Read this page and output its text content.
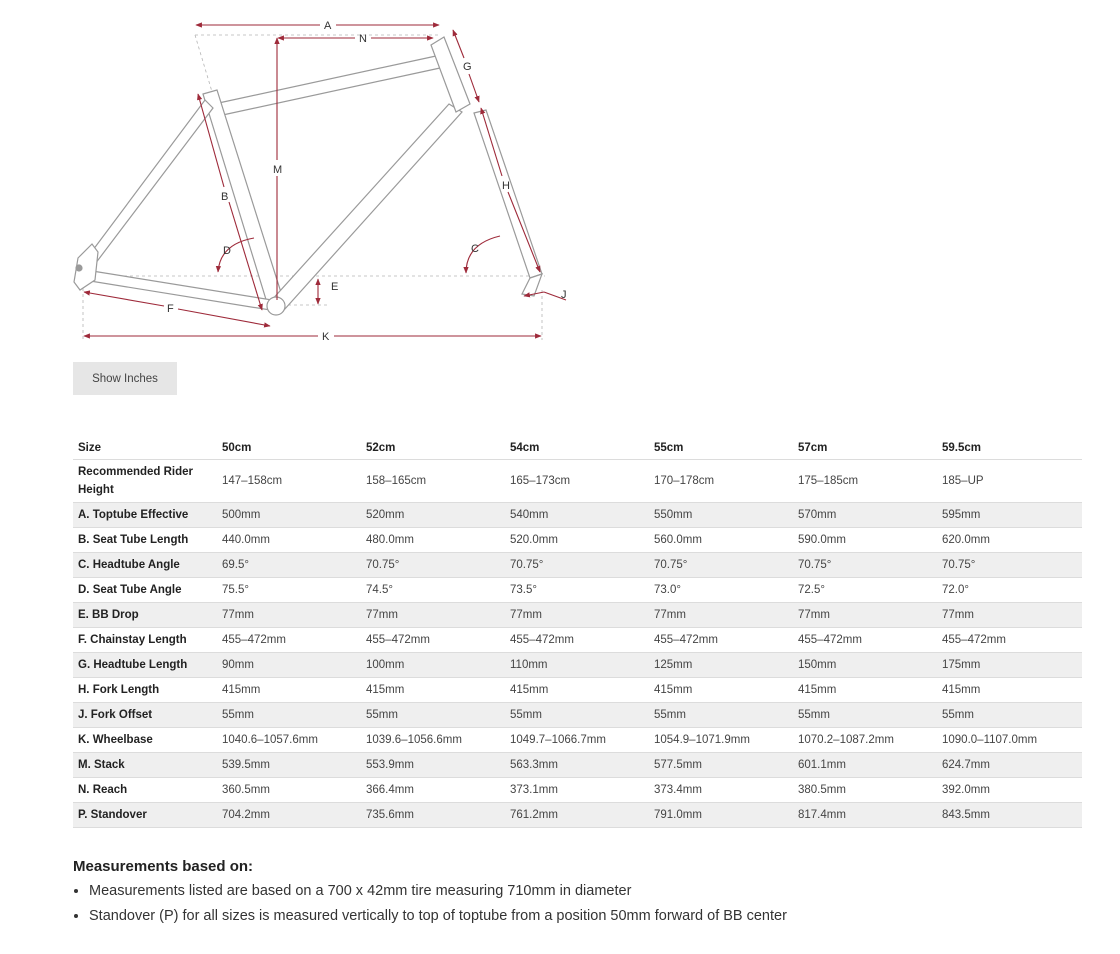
A
N
G
M
B
H
D	C
E
J
F
K
Show Inches
Size	50cm	52cm	54cm	55cm	57cm	59.5cm
Recommended Rider Height	147–158cm	158–165cm	165–173cm	170–178cm	175–185cm	185–UP
A. Toptube Effective	500mm	520mm	540mm	550mm	570mm	595mm
B. Seat Tube Length	440.0mm	480.0mm	520.0mm	560.0mm	590.0mm	620.0mm
C. Headtube Angle	69.5°	70.75°	70.75°	70.75°	70.75°	70.75°
D. Seat Tube Angle	75.5°	74.5°	73.5°	73.0°	72.5°	72.0°
E. BB Drop	77mm	77mm	77mm	77mm	77mm	77mm
F. Chainstay Length	455–472mm	455–472mm	455–472mm	455–472mm	455–472mm	455–472mm
G. Headtube Length	90mm	100mm	110mm	125mm	150mm	175mm
H. Fork Length	415mm	415mm	415mm	415mm	415mm	415mm
J. Fork Offset	55mm	55mm	55mm	55mm	55mm	55mm
K. Wheelbase	1040.6–1057.6mm	1039.6–1056.6mm	1049.7–1066.7mm	1054.9–1071.9mm	1070.2–1087.2mm	1090.0–1107.0mm
M. Stack	539.5mm	553.9mm	563.3mm	577.5mm	601.1mm	624.7mm
N. Reach	360.5mm	366.4mm	373.1mm	373.4mm	380.5mm	392.0mm
P. Standover	704.2mm	735.6mm	761.2mm	791.0mm	817.4mm	843.5mm
Measurements based on:
• Measurements listed are based on a 700 x 42mm tire measuring 710mm in diameter
• Standover (P) for all sizes is measured vertically to top of toptube from a position 50mm forward of BB center
